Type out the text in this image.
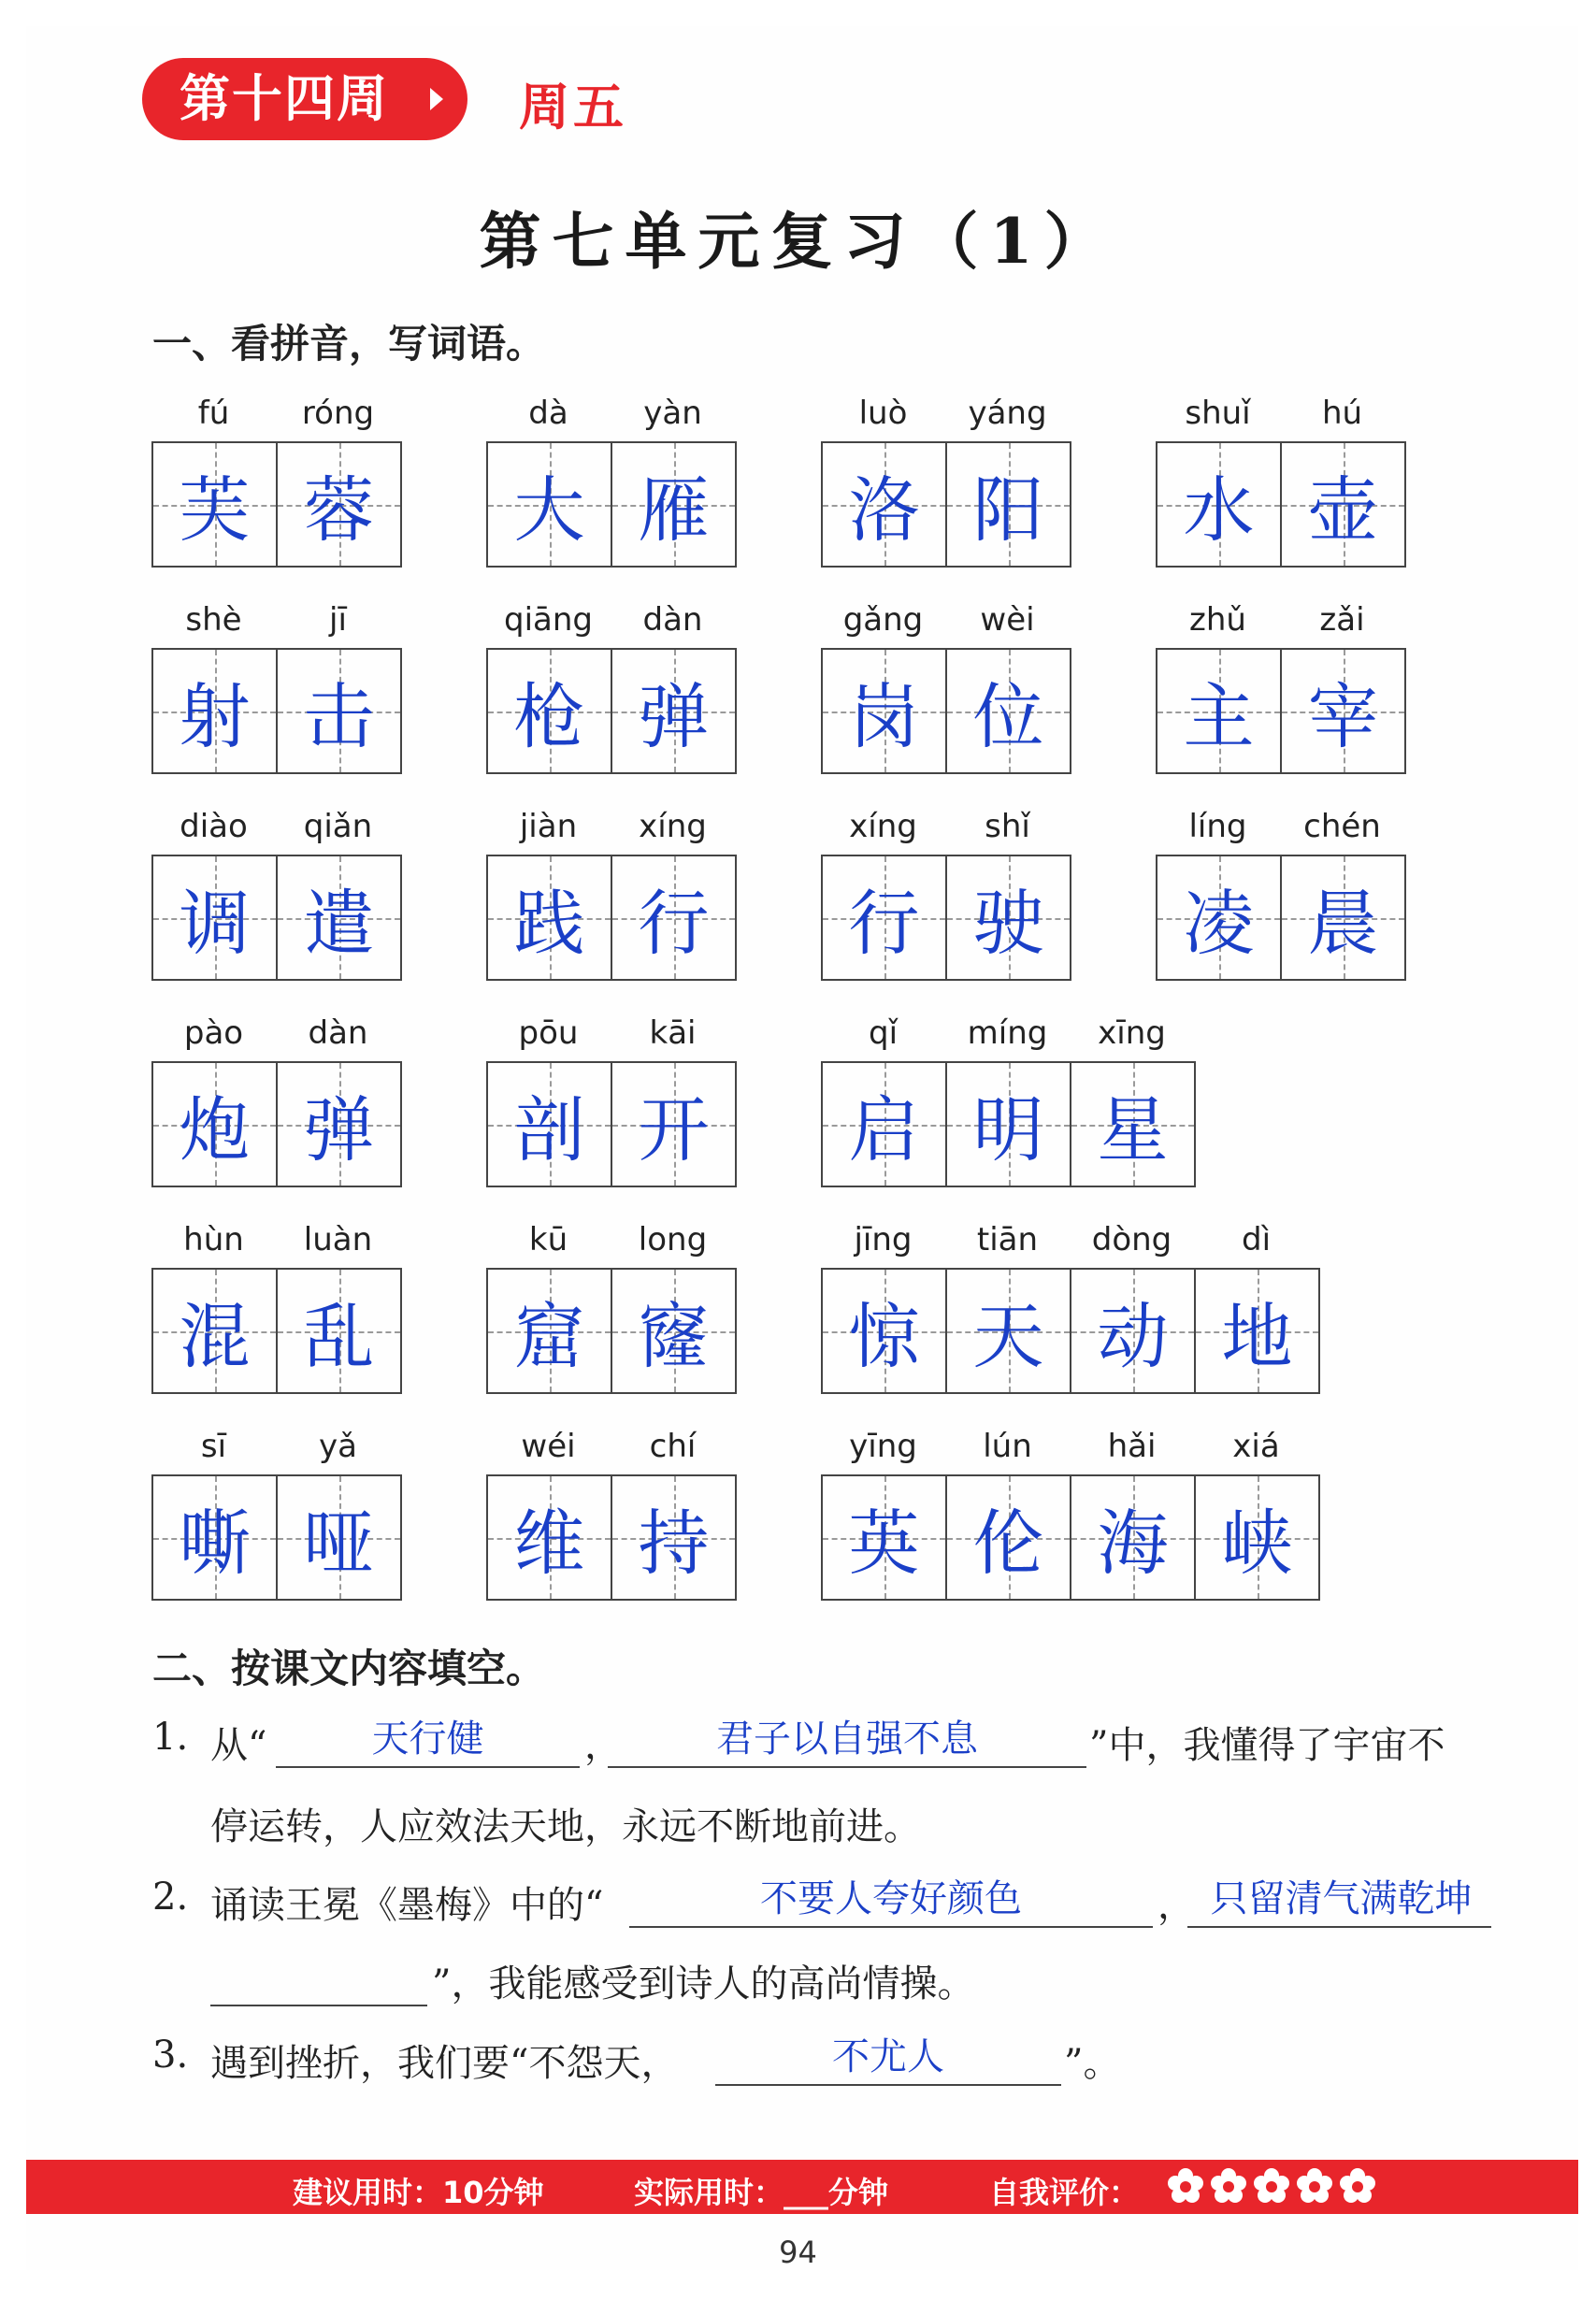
第十四周	周五
第七单元复习（1）
一、看拼音，写词语。
fú	róng
芙 蓉
dà	yàn
大 雁
luò	yáng
洛 阳
shuǐ	hú
水 壶
shè	jī
射 击
qiāng	dàn
枪 弹
gǎng	wèi
岗 位
zhǔ	zǎi
主 宰
diào	qiǎn
调 遣
jiàn	xíng
践 行
xíng	shǐ
行 驶
líng	chén
凌 晨
pào	dàn
炮 弹
pōu	kāi
剖 开
qǐ	míng	xīng
启 明 星
hùn	luàn
混 乱
kū	long
窟 窿
jīng	tiān	dòng	dì
惊 天 动 地
sī	yǎ
嘶 哑
wéi	chí
维 持
yīng	lún	hǎi	xiá
英 伦 海 峡
二、按课文内容填空。
1. 从“	天行健	，	君子以自强不息	”中，我懂得了宇宙不
停运转，人应效法天地，永远不断地前进。
2. 诵读王冕《墨梅》中的“	不要人夸好颜色	， 只留清气满乾坤
”，我能感受到诗人的高尚情操。
3. 遇到挫折，我们要“不怨天，	不尤人	”。
建议用时：10分钟	实际用时：___分钟	自我评价：
94
